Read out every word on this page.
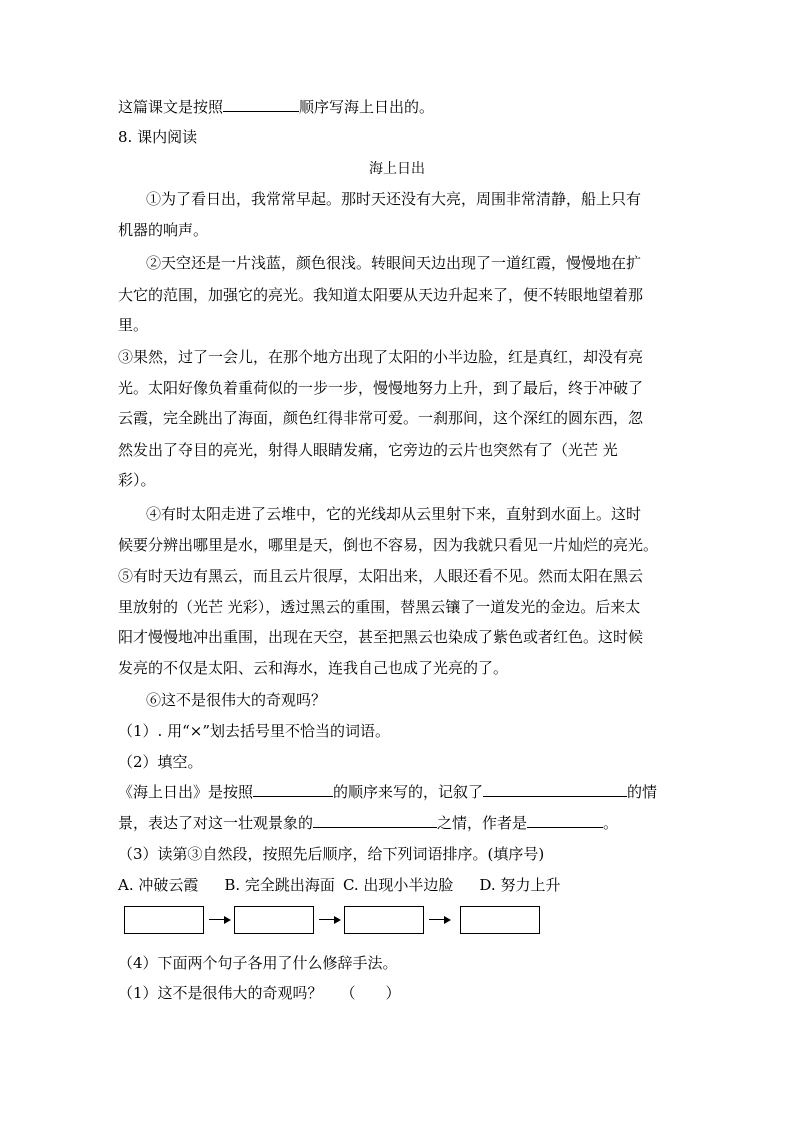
这篇课文是按照	顺序写海上日出的。
8. 课内阅读
海上日出
①为了看日出，我常常早起。那时天还没有大亮，周围非常清静，船上只有
机器的响声。
②天空还是一片浅蓝，颜色很浅。转眼间天边出现了一道红霞，慢慢地在扩
大它的范围，加强它的亮光。我知道太阳要从天边升起来了，便不转眼地望着那
里。
③果然，过了一会儿，在那个地方出现了太阳的小半边脸，红是真红，却没有亮
光。太阳好像负着重荷似的一步一步，慢慢地努力上升，到了最后，终于冲破了
云霞，完全跳出了海面，颜色红得非常可爱。一刹那间，这个深红的圆东西，忽
然发出了夺目的亮光，射得人眼睛发痛，它旁边的云片也突然有了（光芒 光
彩）。
④有时太阳走进了云堆中，它的光线却从云里射下来，直射到水面上。这时
候要分辨出哪里是水，哪里是天，倒也不容易，因为我就只看见一片灿烂的亮光。
⑤有时天边有黑云，而且云片很厚，太阳出来，人眼还看不见。然而太阳在黑云
里放射的（光芒 光彩），透过黑云的重围，替黑云镶了一道发光的金边。后来太
阳才慢慢地冲出重围，出现在天空，甚至把黑云也染成了紫色或者红色。这时候
发亮的不仅是太阳、云和海水，连我自己也成了光亮的了。
⑥这不是很伟大的奇观吗？
（1）. 用“×”划去括号里不恰当的词语。
（2）填空。
《海上日出》是按照	的顺序来写的，记叙了	的情
景，表达了对这一壮观景象的	之情，作者是	。
（3）读第③自然段，按照先后顺序，给下列词语排序。(填序号)
A. 冲破云霞 B. 完全跳出海面 C. 出现小半边脸 D. 努力上升
（4）下面两个句子各用了什么修辞手法。
（1）这不是很伟大的奇观吗？ （　　）
